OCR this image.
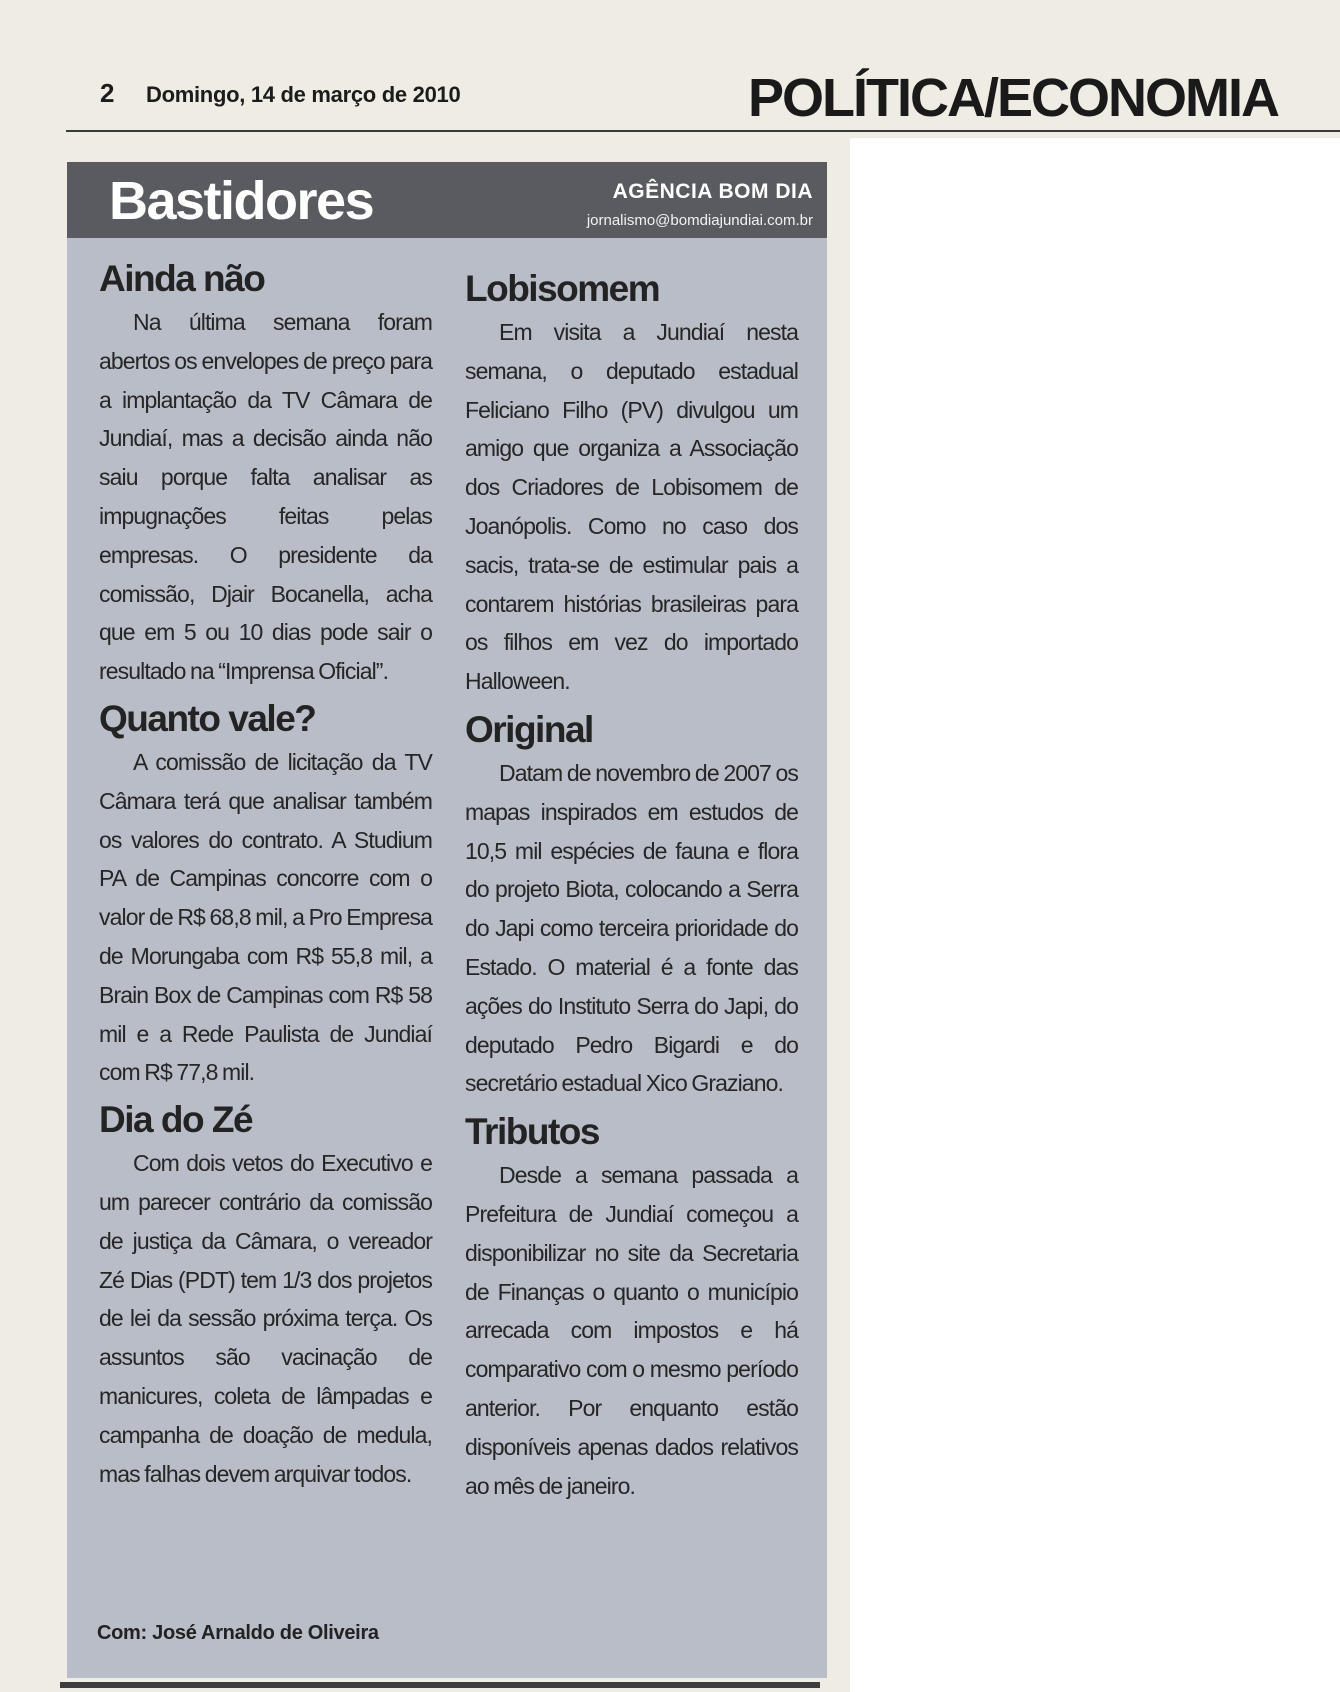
2 Domingo, 14 de março de 2010	POLÍTICA/ECONOMIA
Bastidores	AGÊNCIA BOM DIA
jornalismo@bomdiajundiai.com.br
Ainda não

Na última semana foram abertos os envelopes de preço para a implantação da TV Câmara de Jundiaí, mas a decisão ainda não saiu porque falta analisar as impugnações feitas pelas empresas. O presidente da comissão, Djair Bocanella, acha que em 5 ou 10 dias pode sair o resultado na “Imprensa Oficial”.

Quanto vale?

A comissão de licitação da TV Câmara terá que analisar também os valores do contrato. A Studium PA de Campinas concorre com o valor de R$ 68,8 mil, a Pro Empresa de Morungaba com R$ 55,8 mil, a Brain Box de Campinas com R$ 58 mil e a Rede Paulista de Jundiaí com R$ 77,8 mil.

Dia do Zé

Com dois vetos do Executivo e um parecer contrário da comissão de justiça da Câmara, o vereador Zé Dias (PDT) tem 1/3 dos projetos de lei da sessão próxima terça. Os assuntos são vacinação de manicures, coleta de lâmpadas e campanha de doação de medula, mas falhas devem arquivar todos.

Lobisomem

Em visita a Jundiaí nesta semana, o deputado estadual Feliciano Filho (PV) divulgou um amigo que organiza a Associação dos Criadores de Lobisomem de Joanópolis. Como no caso dos sacis, trata-se de estimular pais a contarem histórias brasileiras para os filhos em vez do importado Halloween.

Original

Datam de novembro de 2007 os mapas inspirados em estudos de 10,5 mil espécies de fauna e flora do projeto Biota, colocando a Serra do Japi como terceira prioridade do Estado. O material é a fonte das ações do Instituto Serra do Japi, do deputado Pedro Bigardi e do secretário estadual Xico Graziano.

Tributos

Desde a semana passada a Prefeitura de Jundiaí começou a disponibilizar no site da Secretaria de Finanças o quanto o município arrecada com impostos e há comparativo com o mesmo período anterior. Por enquanto estão disponíveis apenas dados relativos ao mês de janeiro.

Com: José Arnaldo de Oliveira
